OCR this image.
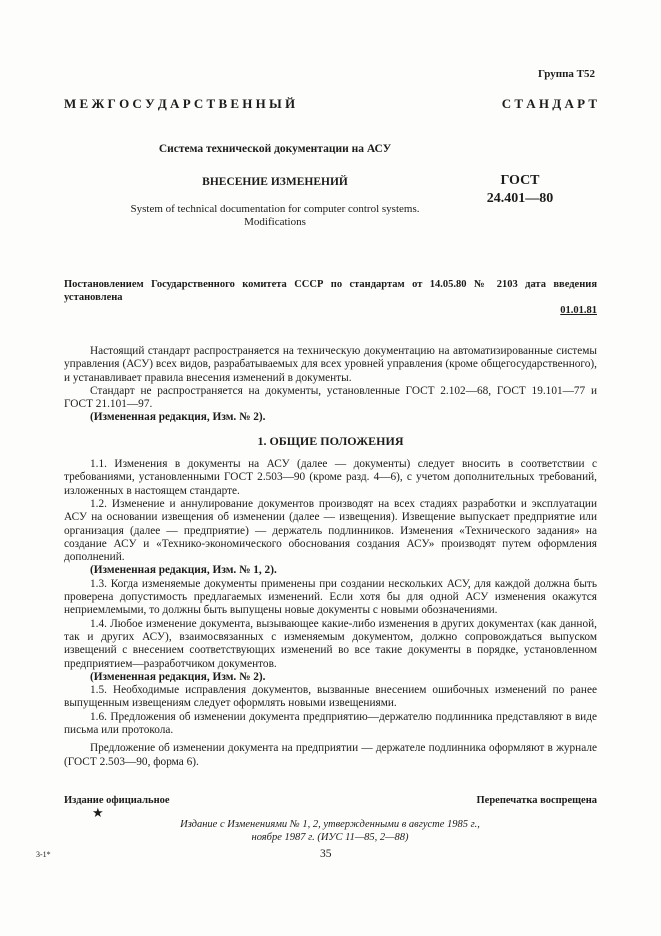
Группа Т52
М Е Ж Г О С У Д А Р С Т В Е Н Н Ы Й	С Т А Н Д А Р Т
Система технической документации на АСУ
ВНЕСЕНИЕ ИЗМЕНЕНИЙ
System of technical documentation for computer control systems.
Modifications
ГОСТ
24.401—80
Постановлением Государственного комитета СССР по стандартам от 14.05.80 № 2103 дата введения установлена
01.01.81

Настоящий стандарт распространяется на техническую документацию на автоматизированные системы управления (АСУ) всех видов, разрабатываемых для всех уровней управления (кроме общегосударственного), и устанавливает правила внесения изменений в документы.

Стандарт не распространяется на документы, установленные ГОСТ 2.102—68, ГОСТ 19.101—77 и ГОСТ 21.101—97.

(Измененная редакция, Изм. № 2).

1. ОБЩИЕ ПОЛОЖЕНИЯ

1.1. Изменения в документы на АСУ (далее — документы) следует вносить в соответствии с требованиями, установленными ГОСТ 2.503—90 (кроме разд. 4—6), с учетом дополнительных требований, изложенных в настоящем стандарте.

1.2. Изменение и аннулирование документов производят на всех стадиях разработки и эксплуатации АСУ на основании извещения об изменении (далее — извещения). Извещение выпускает предприятие или организация (далее — предприятие) — держатель подлинников. Изменения «Технического задания» на создание АСУ и «Технико-экономического обоснования создания АСУ» производят путем оформления дополнений.

(Измененная редакция, Изм. № 1, 2).

1.3. Когда изменяемые документы применены при создании нескольких АСУ, для каждой должна быть проверена допустимость предлагаемых изменений. Если хотя бы для одной АСУ изменения окажутся неприемлемыми, то должны быть выпущены новые документы с новыми обозначениями.

1.4. Любое изменение документа, вызывающее какие-либо изменения в других документах (как данной, так и других АСУ), взаимосвязанных с изменяемым документом, должно сопровождаться выпуском извещений с внесением соответствующих изменений во все такие документы в порядке, установленном предприятием—разработчиком документов.

(Измененная редакция, Изм. № 2).

1.5. Необходимые исправления документов, вызванные внесением ошибочных изменений по ранее выпущенным извещениям следует оформлять новыми извещениями.

1.6. Предложения об изменении документа предприятию—держателю подлинника представляют в виде письма или протокола.

Предложение об изменении документа на предприятии — держателе подлинника оформляют в журнале (ГОСТ 2.503—90, форма 6).

Издание официальное	Перепечатка воспрещена
★
Издание с Изменениями № 1, 2, утвержденными в августе 1985 г.,
ноябре 1987 г. (ИУС 11—85, 2—88)
3-1*	35
